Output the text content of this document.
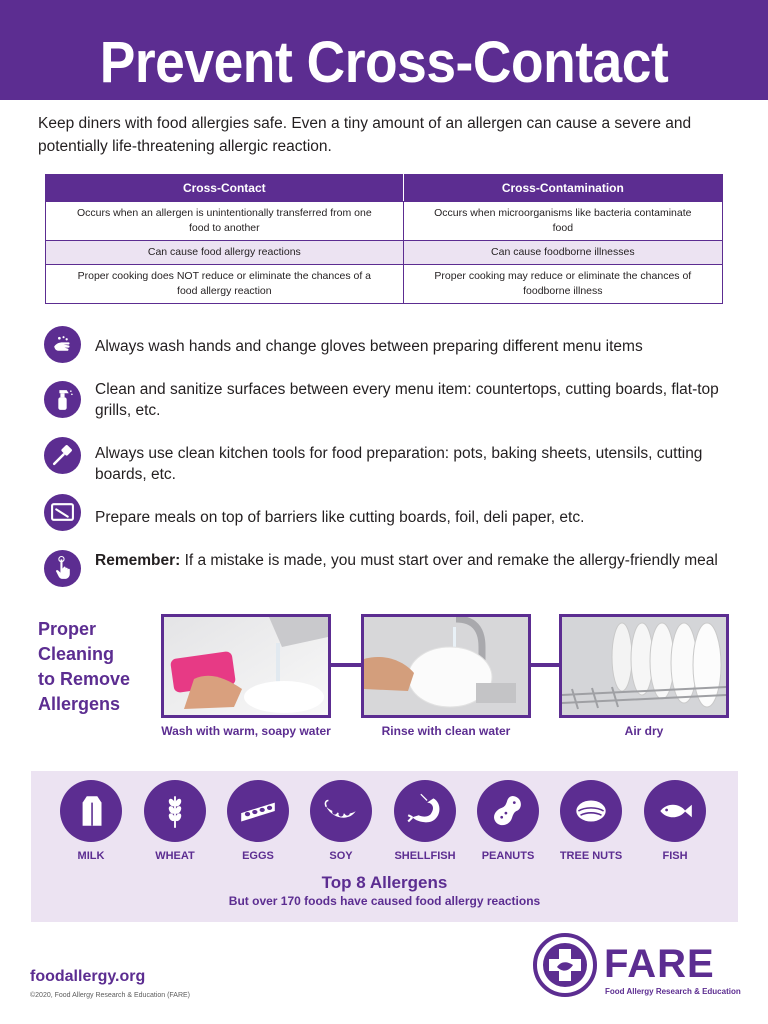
Prevent Cross-Contact

Keep diners with food allergies safe. Even a tiny amount of an allergen can cause a severe and potentially life-threatening allergic reaction.

Cross-Contact	Cross-Contamination
Occurs when an allergen is unintentionally transferred from one food to another	Occurs when microorganisms like bacteria contaminate food
Can cause food allergy reactions	Can cause foodborne illnesses
Proper cooking does NOT reduce or eliminate the chances of a food allergy reaction	Proper cooking may reduce or eliminate the chances of foodborne illness
Always wash hands and change gloves between preparing different menu items
Clean and sanitize surfaces between every menu item: countertops, cutting boards, flat-top grills, etc.
Always use clean kitchen tools for food preparation: pots, baking sheets, utensils, cutting boards, etc.
Prepare meals on top of barriers like cutting boards, foil, deli paper, etc.
Remember: If a mistake is made, you must start over and remake the allergy-friendly meal
Proper
Cleaning
to Remove
Allergens
Wash with warm, soapy water	Rinse with clean water	Air dry
MILK	WHEAT	EGGS	SOY	SHELLFISH	PEANUTS	TREE NUTS	FISH
Top 8 Allergens
But over 170 foods have caused food allergy reactions
foodallergy.org
©2020, Food Allergy Research & Education (FARE)
FARE
Food Allergy Research & Education
